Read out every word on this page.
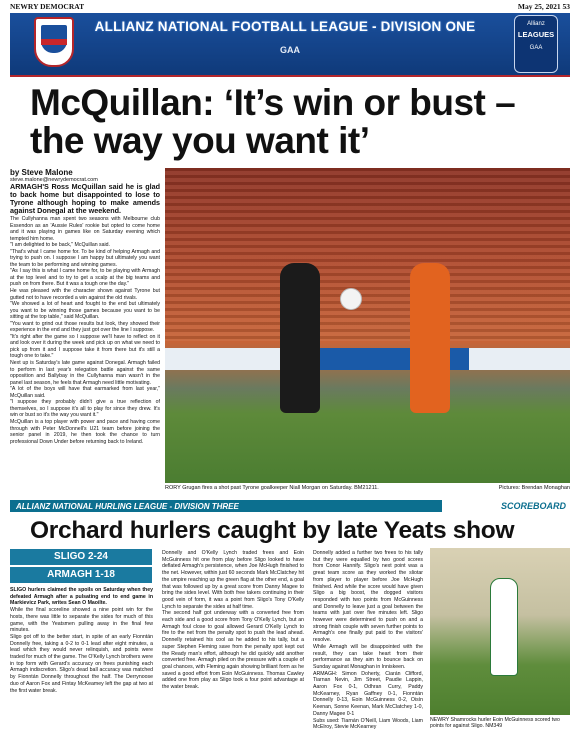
NEWRY DEMOCRAT	May 25, 2021 53
ALLIANZ NATIONAL FOOTBALL LEAGUE - DIVISION ONE
GAA
Allianz
LEAGUES
GAA
McQuillan: ‘It’s win or bust – the way you want it’
by Steve Malone
steve.malone@newrydemocrat.com

ARMAGH'S Ross McQuillan said he is glad to back home but disappointed to lose to Tyrone although hoping to make amends against Donegal at the weekend.

The Cullyhanna man spent two seasons with Melbourne club Essendon as an 'Aussie Rules' rookie but opted to come home and it was playing in games like on Saturday evening which tempted him home.

"I am delighted to be back," McQuillan said.

"That's what I came home for. To be kind of helping Armagh and trying to push on. I suppose I am happy but ultimately you want the team to be performing and winning games.

"As I say this is what I came home for, to be playing with Armagh at the top level and to try to get a scalp at the big teams and push on from there. But it was a tough one the day."

He was pleased with the character shown against Tyrone but gutted not to have recorded a win against the old rivals.

"We showed a lot of heart and fought to the end but ultimately you want to be winning those games because you want to be sitting at the top table," said McQuillan.

"You want to grind out those results but look, they showed their experience in the end and they just got over the line I suppose.

"It's right after the game so I suppose we'll have to reflect on it and look over it during the week and pick up on what we need to pick up from it and I suppose take it from there but it's still a tough one to take."

Next up is Saturday's late game against Donegal. Armagh failed to perform in last year's relegation battle against the same opposition and Ballybay in the Cullyhanna man wasn't in the panel last season, he feels that Armagh need little motivating.

"A lot of the boys will have that earmarked from last year," McQuillan said.

"I suppose they probably didn't give a true reflection of themselves, so I suppose it's all to play for since they drew. It's win or bust so it's the way you want it."

McQuillan is a top player with power and pace and having come through with Peter McDonnell's U21 team before joining the senior panel in 2019, he then took the chance to turn professional Down Under before returning back to Ireland.

RORY Grugan fires a shot past Tyrone goalkeeper Niall Morgan on Saturday. BM21211.	Pictures: Brendan Monaghan
ALLIANZ NATIONAL HURLING LEAGUE - DIVISION THREE	SCOREBOARD
Orchard hurlers caught by late Yeats show
SLIGO 2-24
ARMAGH 1-18

SLIGO hurlers claimed the spoils on Saturday when they defeated Armagh after a pulsating end to end game in Markievicz Park, writes Sean O Maoilte.

While the final scoreline showed a nine point win for the hosts, there was little to separate the sides for much of this game, with the Yeatsmen pulling away in the final few minutes.

Sligo got off to the better start, in spite of an early Fionntán Donnelly free, taking a 0-2 to 0-1 lead after eight minutes, a lead which they would never relinquish, and points were traded for much of the game. The O'Kelly Lynch brothers were in top form with Gerard's accuracy on frees punishing each Armagh indiscretion. Sligo's dead ball accuracy was matched by Fionntán Donnelly throughout the half. The Derrynoose duo of Aaron Fox and Fintay McKeamey left the gap at two at the first water break.

Donnelly and O'Kelly Lynch traded frees and Eoin McGuinness hit one from play before Sligo looked to have deflated Armagh's persistence, when Joe McHugh finished to the net. However, within just 60 seconds Mark McClatchey hit the umpire reaching up the green flag at the other end, a goal that was followed up by a great score from Danny Magee to bring the sides level. With both free takers continuing in their good vein of form, it was a point from Sligo's Tony O'Kelly Lynch to separate the sides at half time.

The second half got underway with a converted free from each side and a good score from Tony O'Kelly Lynch, but an Armagh foul close to goal allowed Gerard O'Kelly Lynch to fire to the net from the penalty spot to push the lead ahead. Donnelly retained his cool as he added to his tally, but a super Stephen Fleming save from the penalty spot kept out the Ready man's effort, although he did quickly add another converted free. Armagh piled on the pressure with a couple of goal chances, with Fleming again showing brilliant form as he saved a good effort from Eoin McGuinness. Thomas Cawley added one from play as Sligo took a four point advantage at the water break.

Donnelly added a further two frees to his tally but they were equalled by two good scores from Conor Hannify. Sligo's next point was a great team score as they worked the sliotar from player to player before Joe McHugh finished. And while the score would have given Sligo a big boost, the dogged visitors responded with two points from McGuinness and Donnelly to leave just a goal between the teams with just over five minutes left. Sligo however were determined to push on and a strong finish couple with seven further points to Armagh's one finally put paid to the visitors' resolve.

While Armagh will be disappointed with the result, they can take heart from their performance as they aim to bounce back on Sunday against Monaghan in Inniskeen.

ARMAGH: Simon Doherty, Ciarán Clifford, Tiarnan Nevin, Jim Street, Paudie Lappin, Aaron Fox 0-1, Odhran Curry, Paddy McKearney, Ryan Gaffney 0-1, Fionntán Donnelly 0-13, Eoin McGuinness 0-2, Oisín Keenan, Sonne Keenan, Mark McClatchey 1-0, Danny Magee 0-1

Subs used: Tiarnán O'Neill, Liam Woods, Liam McElroy, Stevie McKearney

NEWRY Shamrocks hurler Eoin McGuinness scored two points for against Sligo. NM349
